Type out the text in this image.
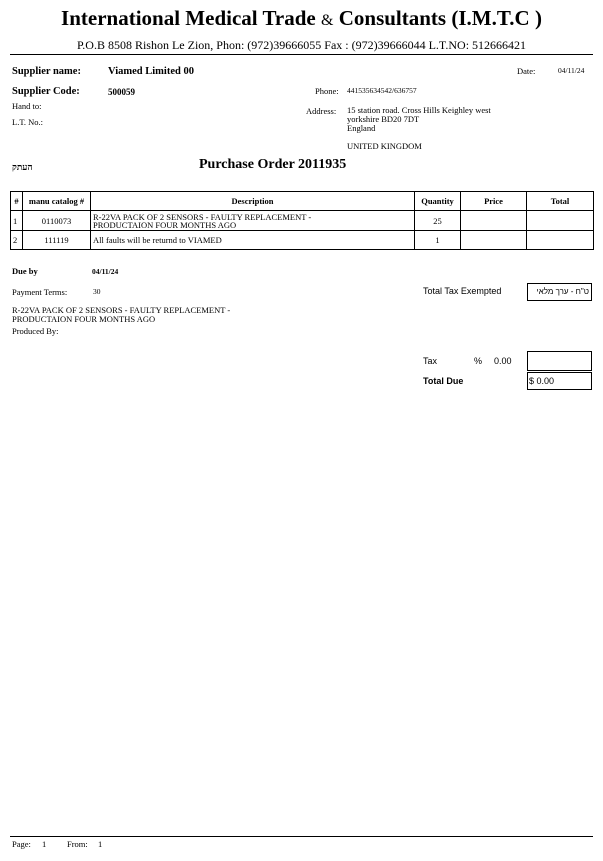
International Medical Trade & Consultants (I.M.T.C )
P.O.B 8508 Rishon Le Zion, Phon: (972)39666055 Fax : (972)39666044 L.T.NO: 512666421
Supplier name:	Viamed Limited 00
Supplier Code:	500059
Hand to:
L.T. No.:
Phone: 441535634542/636757
Address: 15 station road. Cross Hills Keighley west
yorkshire BD20 7DT
England
UNITED KINGDOM
Date:	04/11/24
העתק	Purchase Order 2011935
#	manu catalog #	Description	Quantity	Price	Total
1	0110073	R-22VA PACK OF 2 SENSORS - FAULTY REPLACEMENT -
PRODUCTAION FOUR MONTHS AGO	25		
2	111119	All faults will be returnd to VIAMED	1		
Due by	04/11/24
Payment Terms:	30
R-22VA PACK OF 2 SENSORS - FAULTY REPLACEMENT -
PRODUCTAION FOUR MONTHS AGO
Produced By:
Total Tax Exempted	ט"ח - ערך מלאי
Tax	% 0.00
Total Due	$ 0.00
Page: 1 From: 1
